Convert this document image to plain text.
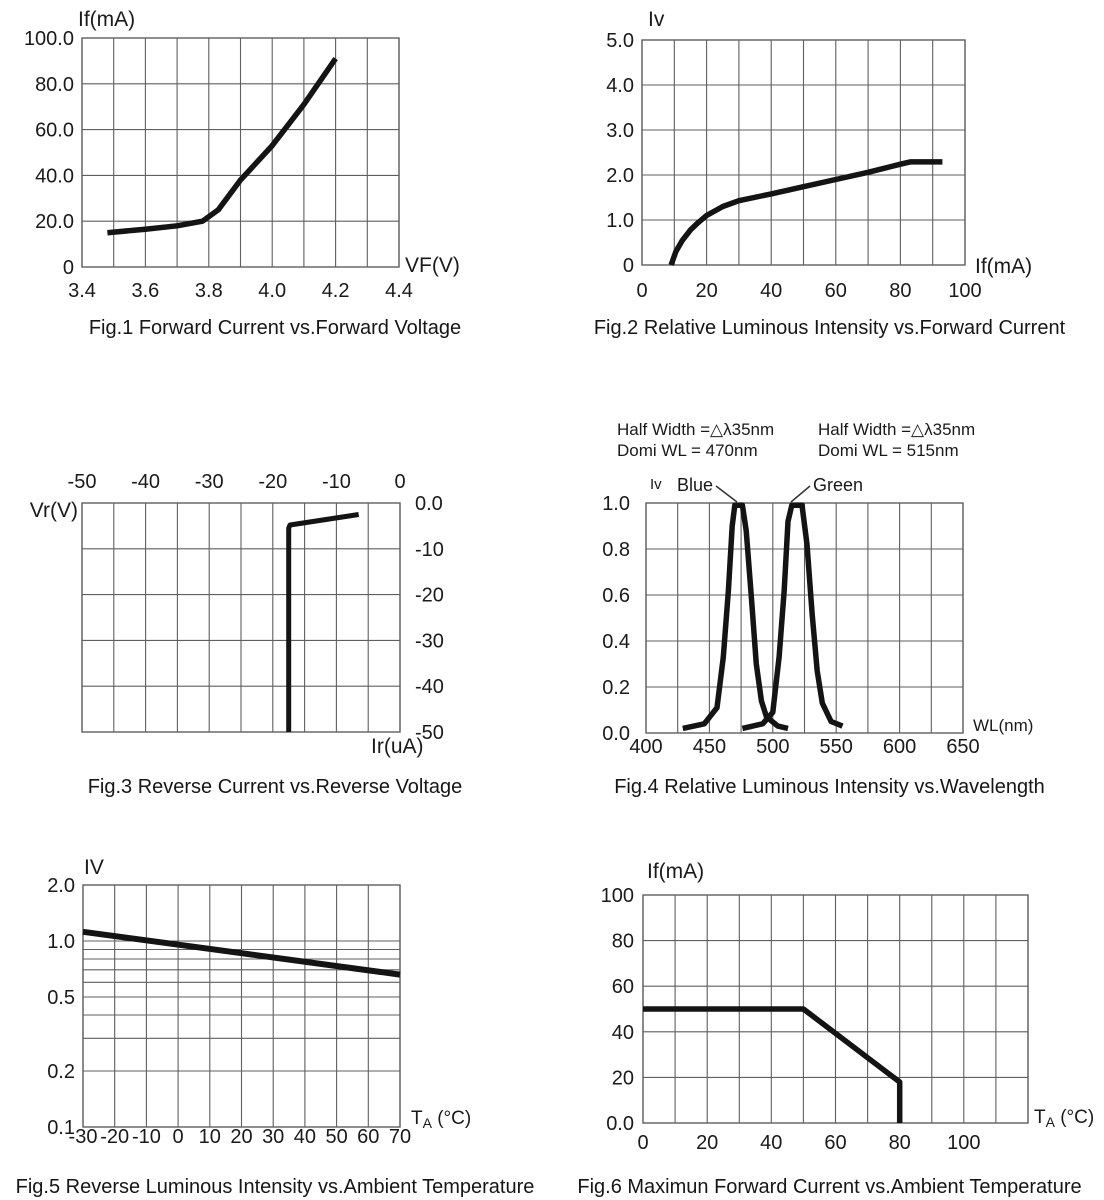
3.4 3.6 3.8 4.0 4.2 4.4
100.0
80.0
60.0
40.0
20.0
0	VF(V)
If(mA)
0 20 40 60 80 100
5.0
4.0
3.0
2.0
1.0
0	If(mA)
Iv
-50 -40 -30 -20 -10 0
0.0
-10
-20
-30
-40
-50
Vr(V)
Ir(uA)	400 450 500 550 600 650
1.0
0.8
0.6
0.4
0.2
0.0	WL(nm)
Iv
Half Width =△λ35nm
Domi WL = 470nm
Half Width =△λ35nm
Domi WL = 515nm
Blue	Green
-30 -20 -10 0 10 20 30 40 50 60 70
2.0
1.0
0.5
0.2
0.1	$T_A$ (°C)
IV
0 20 40 60 80 100
100
80
60
40
20
0.0	$T_A$ (°C)
If(mA)
Fig.1 Forward Current vs.Forward Voltage	Fig.2 Relative Luminous Intensity vs.Forward Current
Fig.3 Reverse Current vs.Reverse Voltage	Fig.4 Relative Luminous Intensity vs.Wavelength
Fig.5 Reverse Luminous Intensity vs.Ambient Temperature	Fig.6 Maximun Forward Current vs.Ambient Temperature
